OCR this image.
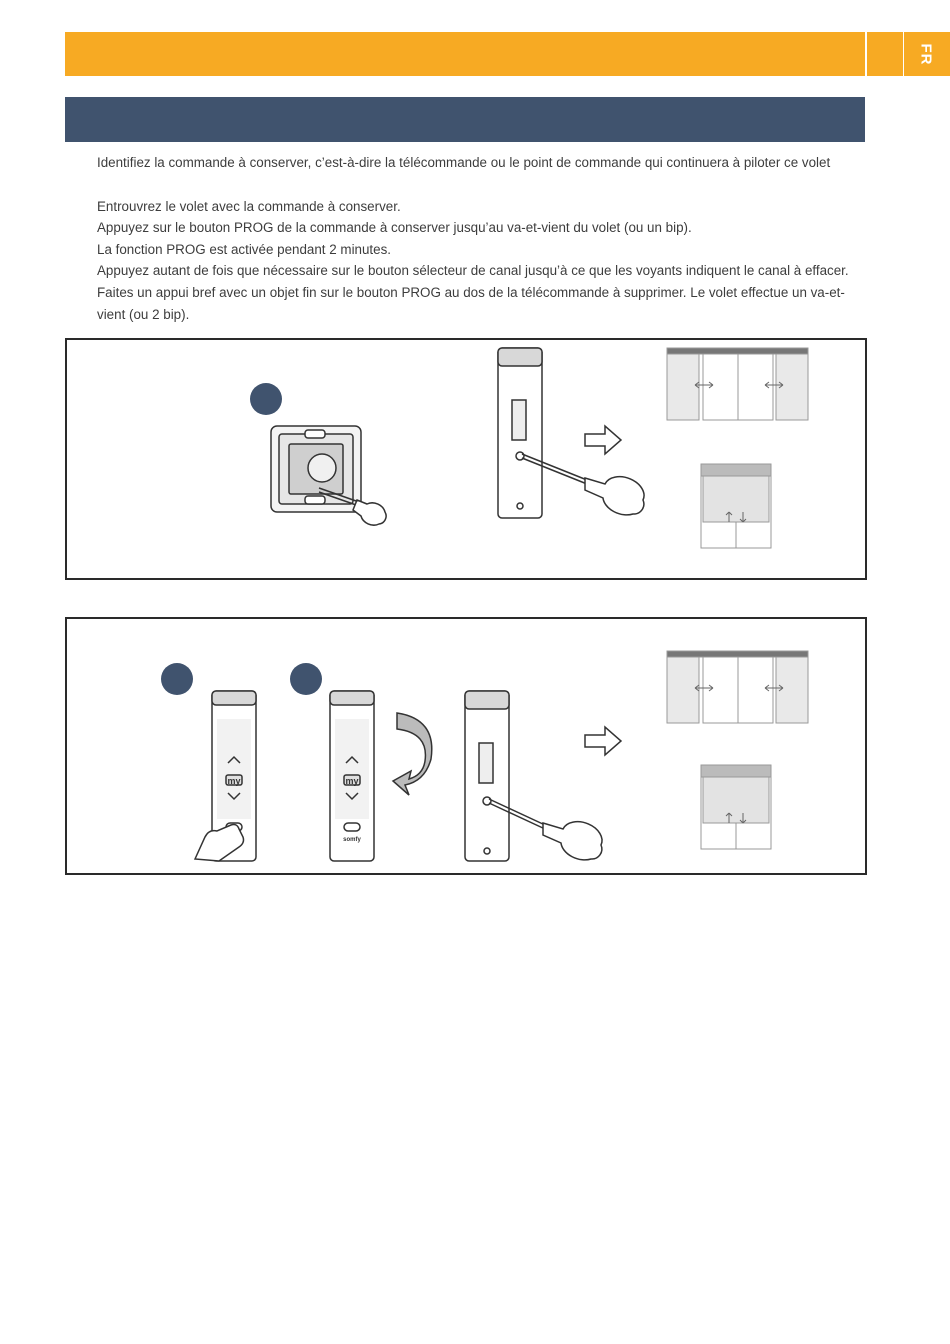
FR

Identifiez la commande à conserver, c’est-à-dire la télécommande ou le point de commande qui continuera à piloter ce volet

Entrouvrez le volet avec la commande à conserver.

Appuyez sur le bouton PROG de la commande à conserver jusqu’au va-et-vient du volet (ou un bip).

La fonction PROG est activée pendant 2 minutes.

Appuyez autant de fois que nécessaire sur le bouton sélecteur de canal jusqu’à ce que les voyants indiquent le canal à effacer.

Faites un appui bref avec un objet fin sur le bouton PROG au dos de la télécommande à supprimer. Le volet effectue un va-et-vient (ou 2 bip).

my	my
somfy
